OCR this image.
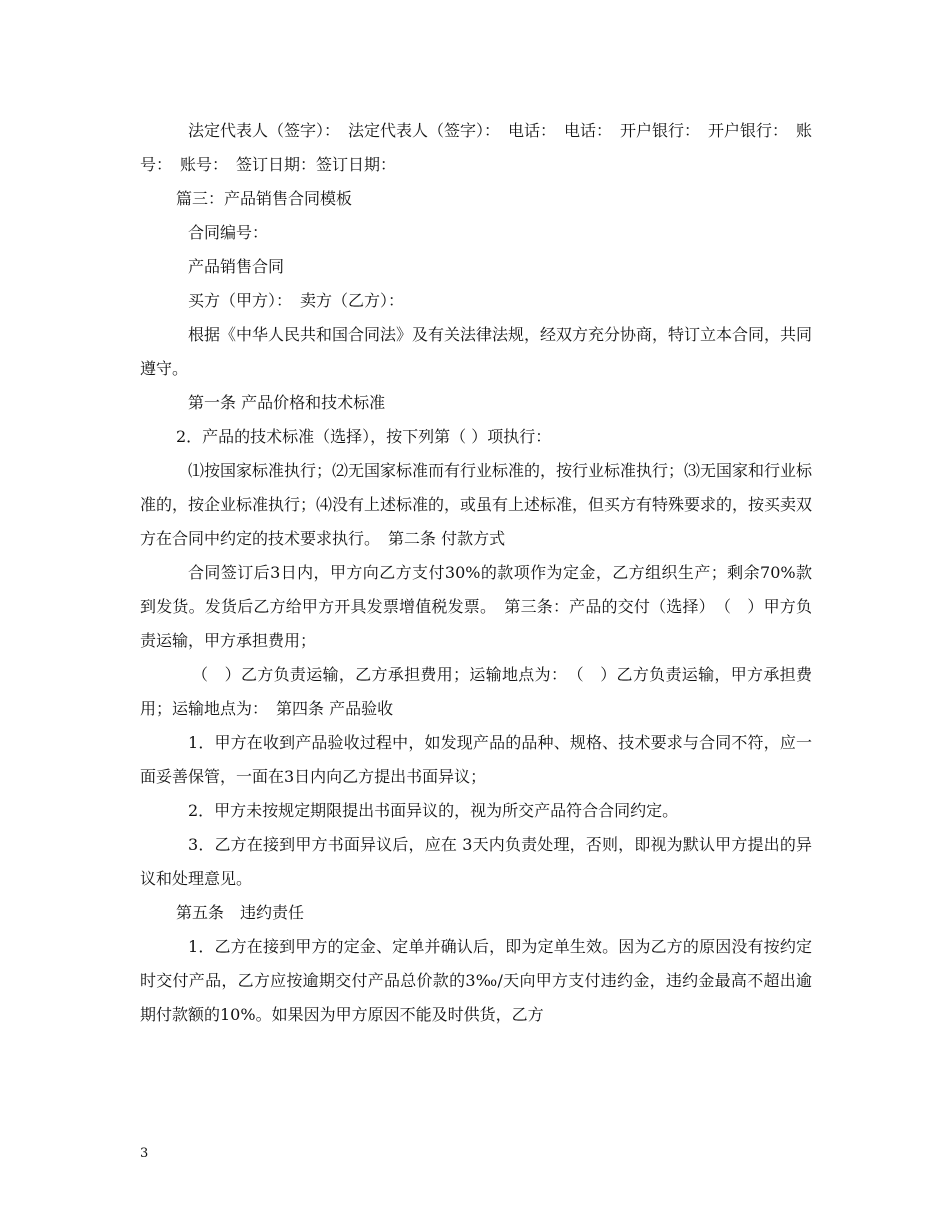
法定代表人（签字）：　法定代表人（签字）：　电话：　电话：　开户银行：　开户银行：　账号：　账号：　签订日期：签订日期：

篇三：产品销售合同模板

合同编号：

产品销售合同

买方（甲方）：　卖方（乙方）：

根据《中华人民共和国合同法》及有关法律法规，经双方充分协商，特订立本合同，共同遵守。

第一条 产品价格和技术标准

2．产品的技术标准（选择），按下列第（ ）项执行：

⑴按国家标准执行；⑵无国家标准而有行业标准的，按行业标准执行；⑶无国家和行业标准的，按企业标准执行；⑷没有上述标准的，或虽有上述标准，但买方有特殊要求的，按买卖双方在合同中约定的技术要求执行。　第二条 付款方式

合同签订后3日内，甲方向乙方支付30%的款项作为定金，乙方组织生产；剩余70%款到发货。发货后乙方给甲方开具发票增值税发票。　第三条：产品的交付（选择）　（　）甲方负责运输，甲方承担费用；

（　）乙方负责运输，乙方承担费用；运输地点为：　（　）乙方负责运输，甲方承担费用；运输地点为：　第四条 产品验收

1．甲方在收到产品验收过程中，如发现产品的品种、规格、技术要求与合同不符，应一面妥善保管，一面在3日内向乙方提出书面异议；

2．甲方未按规定期限提出书面异议的，视为所交产品符合合同约定。

3．乙方在接到甲方书面异议后，应在 3天内负责处理，否则，即视为默认甲方提出的异议和处理意见。

第五条　违约责任

1．乙方在接到甲方的定金、定单并确认后，即为定单生效。因为乙方的原因没有按约定时交付产品，乙方应按逾期交付产品总价款的3‰/天向甲方支付违约金，违约金最高不超出逾期付款额的10%。如果因为甲方原因不能及时供货，乙方

3
